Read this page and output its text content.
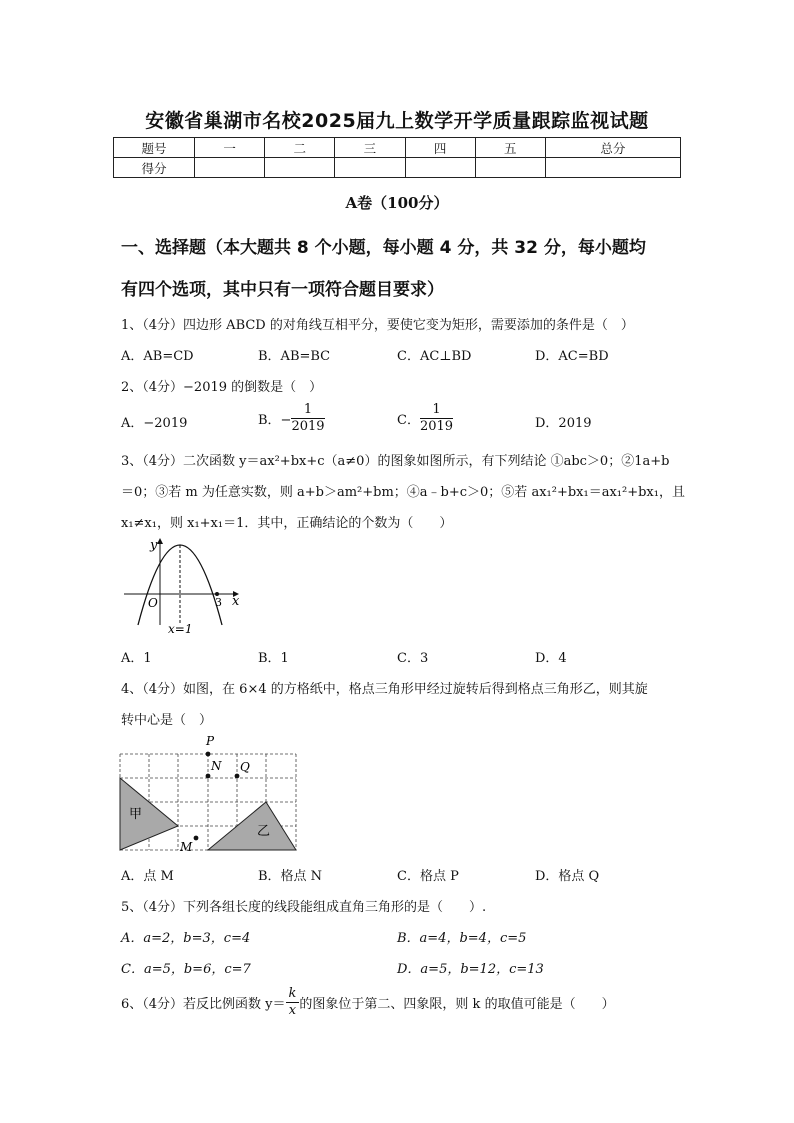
安徽省巢湖市名校2025届九上数学开学质量跟踪监视试题
题号	一	二	三	四	五	总分
得分						
A卷（100分）
一、选择题（本大题共 8 个小题，每小题 4 分，共 32 分，每小题均
有四个选项，其中只有一项符合题目要求）
1、（4分）四边形 ABCD 的对角线互相平分，要使它变为矩形，需要添加的条件是（　）
A．AB=CD	B．AB=BC	C．AC⊥BD	D．AC=BD
2、（4分）−2019 的倒数是（　）
A．−2019	B．− $\frac{1}{2019}$	C． $\frac{1}{2019}$	D．2019
3、（4分）二次函数 y＝ax²+bx+c（a≠0）的图象如图所示，有下列结论 ①abc＞0；②1a+b
＝0；③若 m 为任意实数，则 a+b＞am²+bm；④a﹣b+c＞0；⑤若 ax₁²+bx₁＝ax₁²+bx₁，且
x₁≠x₁，则 x₁+x₁＝1．其中，正确结论的个数为（　　）
y
x
O	3
x=1
A．1	B．1	C．3	D．4
4、（4分）如图，在 6×4 的方格纸中，格点三角形甲经过旋转后得到格点三角形乙，则其旋
转中心是（　）
P
N Q
M
甲
乙
A．点 M	B．格点 N	C．格点 P	D．格点 Q
5、（4分）下列各组长度的线段能组成直角三角形的是（　　）.
A．a=2，b=3，c=4	B．a=4，b=4，c=5
C．a=5，b=6，c=7	D．a=5，b=12，c=13
6、（4分）若反比例函数 $y= \frac{k}{x}$ 的图象位于第二、四象限，则 k 的取值可能是（　　）
